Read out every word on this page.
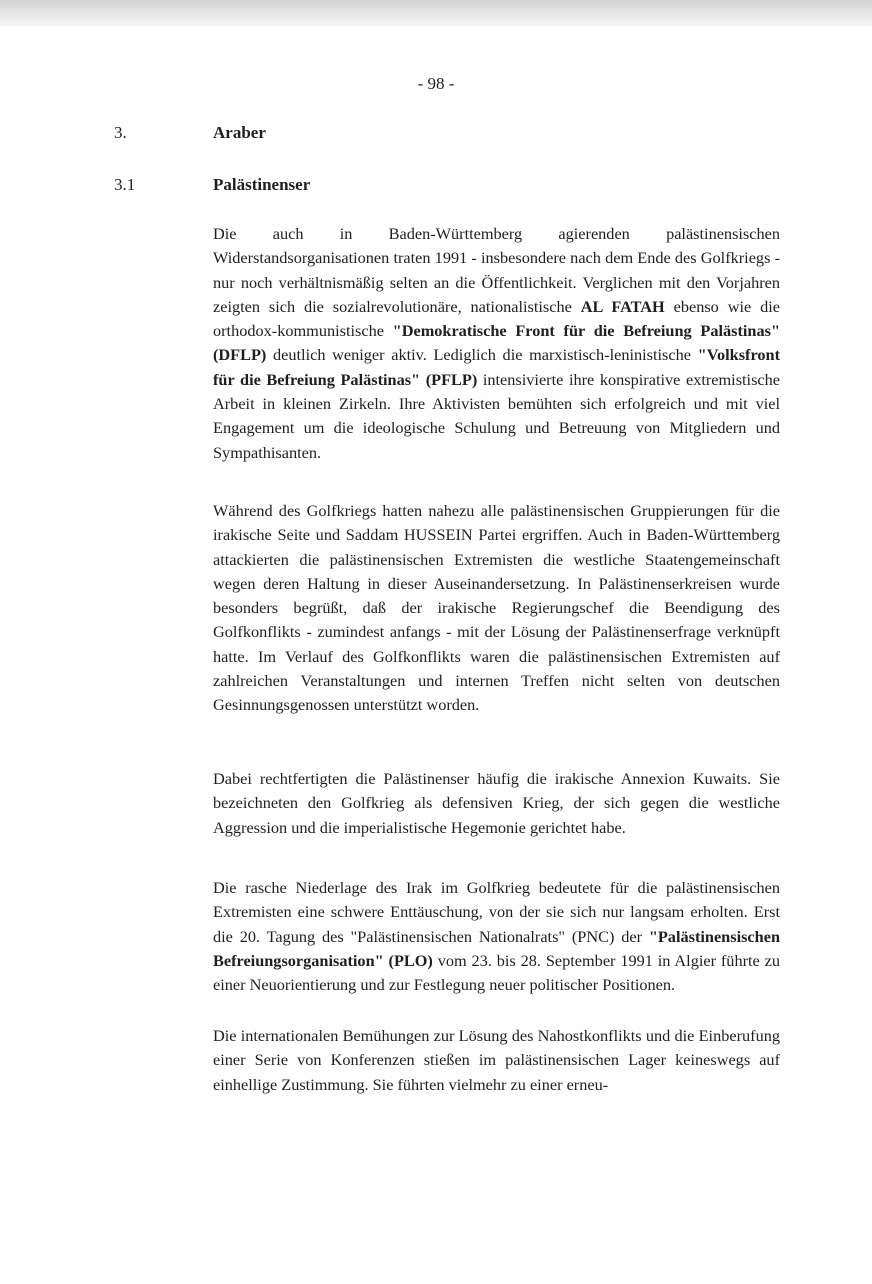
- 98 -
3.	Araber
3.1	Palästinenser

Die auch in Baden-Württemberg agierenden palästinensischen Widerstandsorganisationen traten 1991 - insbesondere nach dem Ende des Golfkriegs - nur noch verhältnismäßig selten an die Öffentlichkeit. Verglichen mit den Vorjahren zeigten sich die sozialrevolutionäre, nationalistische AL FATAH ebenso wie die orthodox-kommunistische "Demokratische Front für die Befreiung Palästinas" (DFLP) deutlich weniger aktiv. Lediglich die marxistisch-leninistische "Volksfront für die Befreiung Palästinas" (PFLP) intensivierte ihre konspirative extremistische Arbeit in kleinen Zirkeln. Ihre Aktivisten bemühten sich erfolgreich und mit viel Engagement um die ideologische Schulung und Betreuung von Mitgliedern und Sympathisanten.

Während des Golfkriegs hatten nahezu alle palästinensischen Gruppierungen für die irakische Seite und Saddam HUSSEIN Partei ergriffen. Auch in Baden-Württemberg attackierten die palästinensischen Extremisten die westliche Staatengemeinschaft wegen deren Haltung in dieser Auseinandersetzung. In Palästinenserkreisen wurde besonders begrüßt, daß der irakische Regierungschef die Beendigung des Golfkonflikts - zumindest anfangs - mit der Lösung der Palästinenserfrage verknüpft hatte. Im Verlauf des Golfkonflikts waren die palästinensischen Extremisten auf zahlreichen Veranstaltungen und internen Treffen nicht selten von deutschen Gesinnungsgenossen unterstützt worden.

Dabei rechtfertigten die Palästinenser häufig die irakische Annexion Kuwaits. Sie bezeichneten den Golfkrieg als defensiven Krieg, der sich gegen die westliche Aggression und die imperialistische Hegemonie gerichtet habe.

Die rasche Niederlage des Irak im Golfkrieg bedeutete für die palästinensischen Extremisten eine schwere Enttäuschung, von der sie sich nur langsam erholten. Erst die 20. Tagung des "Palästinensischen Nationalrats" (PNC) der "Palästinensischen Befreiungsorganisation" (PLO) vom 23. bis 28. September 1991 in Algier führte zu einer Neuorientierung und zur Festlegung neuer politischer Positionen.

Die internationalen Bemühungen zur Lösung des Nahostkonflikts und die Einberufung einer Serie von Konferenzen stießen im palästinensischen Lager keineswegs auf einhellige Zustimmung. Sie führten vielmehr zu einer erneu-
